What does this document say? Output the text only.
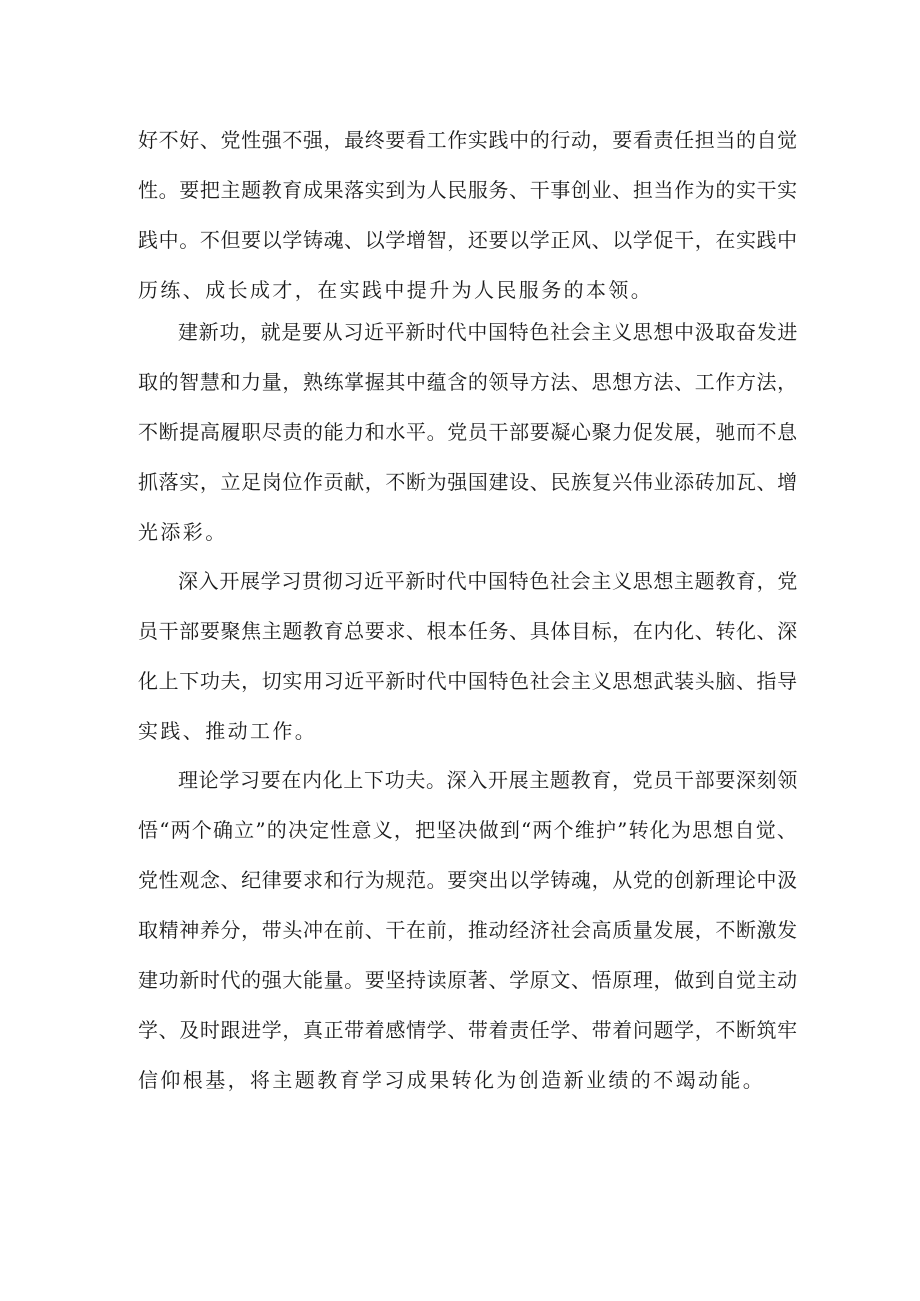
好不好、党性强不强，最终要看工作实践中的行动，要看责任担当的自觉
性。要把主题教育成果落实到为人民服务、干事创业、担当作为的实干实
践中。不但要以学铸魂、以学增智，还要以学正风、以学促干，在实践中
历练、成长成才，在实践中提升为人民服务的本领。
建新功，就是要从习近平新时代中国特色社会主义思想中汲取奋发进
取的智慧和力量，熟练掌握其中蕴含的领导方法、思想方法、工作方法，
不断提高履职尽责的能力和水平。党员干部要凝心聚力促发展，驰而不息
抓落实，立足岗位作贡献，不断为强国建设、民族复兴伟业添砖加瓦、增
光添彩。
深入开展学习贯彻习近平新时代中国特色社会主义思想主题教育，党
员干部要聚焦主题教育总要求、根本任务、具体目标，在内化、转化、深
化上下功夫，切实用习近平新时代中国特色社会主义思想武装头脑、指导
实践、推动工作。
理论学习要在内化上下功夫。深入开展主题教育，党员干部要深刻领
悟“两个确立”的决定性意义，把坚决做到“两个维护”转化为思想自觉、
党性观念、纪律要求和行为规范。要突出以学铸魂，从党的创新理论中汲
取精神养分，带头冲在前、干在前，推动经济社会高质量发展，不断激发
建功新时代的强大能量。要坚持读原著、学原文、悟原理，做到自觉主动
学、及时跟进学，真正带着感情学、带着责任学、带着问题学，不断筑牢
信仰根基，将主题教育学习成果转化为创造新业绩的不竭动能。
